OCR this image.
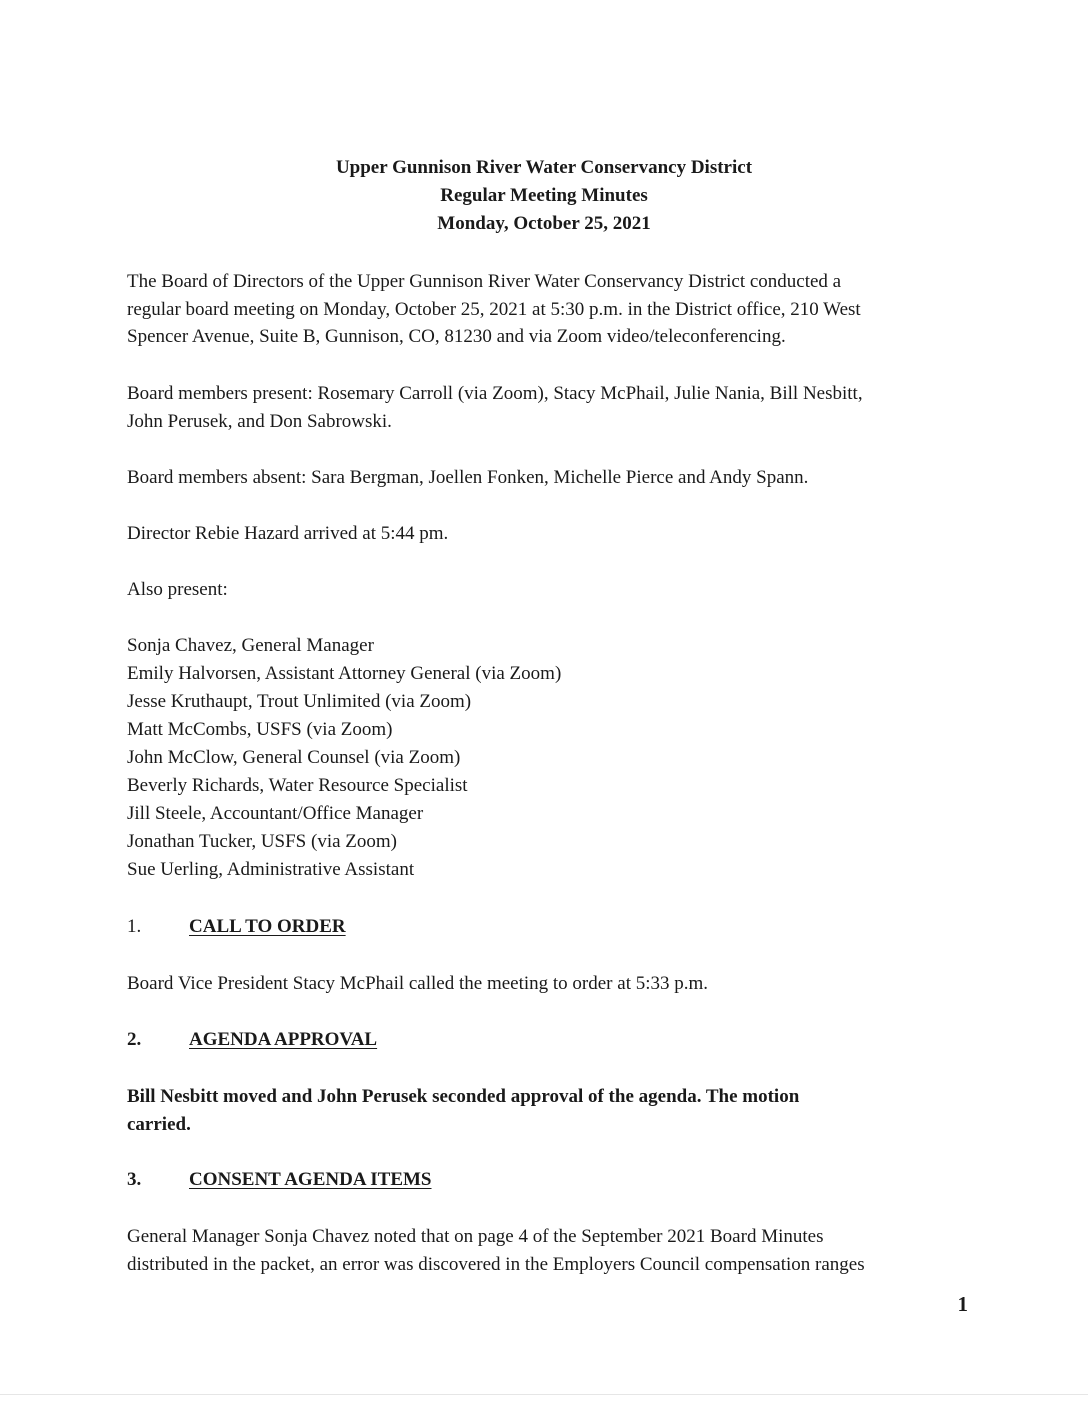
Upper Gunnison River Water Conservancy District
Regular Meeting Minutes
Monday, October 25, 2021
The Board of Directors of the Upper Gunnison River Water Conservancy District conducted a
regular board meeting on Monday, October 25, 2021 at 5:30 p.m. in the District office, 210 West
Spencer Avenue, Suite B, Gunnison, CO, 81230 and via Zoom video/teleconferencing.
Board members present: Rosemary Carroll (via Zoom), Stacy McPhail, Julie Nania, Bill Nesbitt,
John Perusek, and Don Sabrowski.
Board members absent: Sara Bergman, Joellen Fonken, Michelle Pierce and Andy Spann.
Director Rebie Hazard arrived at 5:44 pm.
Also present:
Sonja Chavez, General Manager
Emily Halvorsen, Assistant Attorney General (via Zoom)
Jesse Kruthaupt, Trout Unlimited (via Zoom)
Matt McCombs, USFS (via Zoom)
John McClow, General Counsel (via Zoom)
Beverly Richards, Water Resource Specialist
Jill Steele, Accountant/Office Manager
Jonathan Tucker, USFS (via Zoom)
Sue Uerling, Administrative Assistant
1.	CALL TO ORDER
Board Vice President Stacy McPhail called the meeting to order at 5:33 p.m.
2.	AGENDA APPROVAL
Bill Nesbitt moved and John Perusek seconded approval of the agenda. The motion
carried.
3.	CONSENT AGENDA ITEMS
General Manager Sonja Chavez noted that on page 4 of the September 2021 Board Minutes
distributed in the packet, an error was discovered in the Employers Council compensation ranges
1
